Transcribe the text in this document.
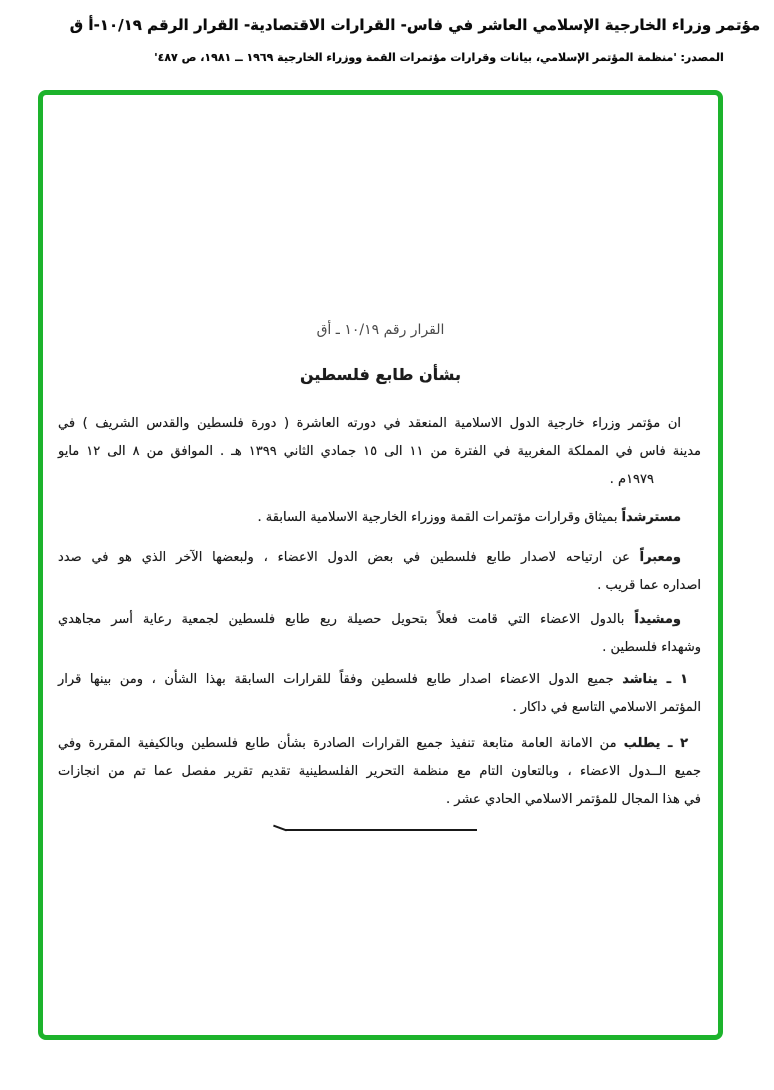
مؤتمر وزراء الخارجية الإسلامي العاشر في فاس- القرارات الاقتصادية- القرار الرقم ١٠/١٩-أ ق
المصدر: 'منظمة المؤتمر الإسلامي، بيانات وقرارات مؤتمرات القمة ووزراء الخارجية ١٩٦٩ ــ ١٩٨١، ص ٤٨٧'
القرار رقم ١٠/١٩ ـ أق
بشأن طابع فلسطين
ان مؤتمر وزراء خارجية الدول الاسلامية المنعقد في دورته العاشرة ( دورة فلسطين والقدس الشريف ) في
مدينة فاس في المملكة المغربية في الفترة من ١١ الى ١٥ جمادي الثاني ١٣٩٩ هـ . الموافق من ٨ الى ١٢ مايو
١٩٧٩م .
مسترشداً بميثاق وقرارات مؤتمرات القمة ووزراء الخارجية الاسلامية السابقة .
ومعبراً عن ارتياحه لاصدار طابع فلسطين في بعض الدول الاعضاء ، ولبعضها الآخر الذي هو في صدد
اصداره عما قريب .
ومشيداً بالدول الاعضاء التي قامت فعلاً بتحويل حصيلة ريع طابع فلسطين لجمعية رعاية أسر مجاهدي
وشهداء فلسطين .
١ ـ يناشد جميع الدول الاعضاء اصدار طابع فلسطين وفقاً للقرارات السابقة بهذا الشأن ، ومن بينها قرار
المؤتمر الاسلامي التاسع في داكار .
٢ ـ يطلب من الامانة العامة متابعة تنفيذ جميع القرارات الصادرة بشأن طابع فلسطين وبالكيفية المقررة وفي
جميع الــدول الاعضاء ، وبالتعاون التام مع منظمة التحرير الفلسطينية تقديم تقرير مفصل عما تم من انجازات
في هذا المجال للمؤتمر الاسلامي الحادي عشر .
